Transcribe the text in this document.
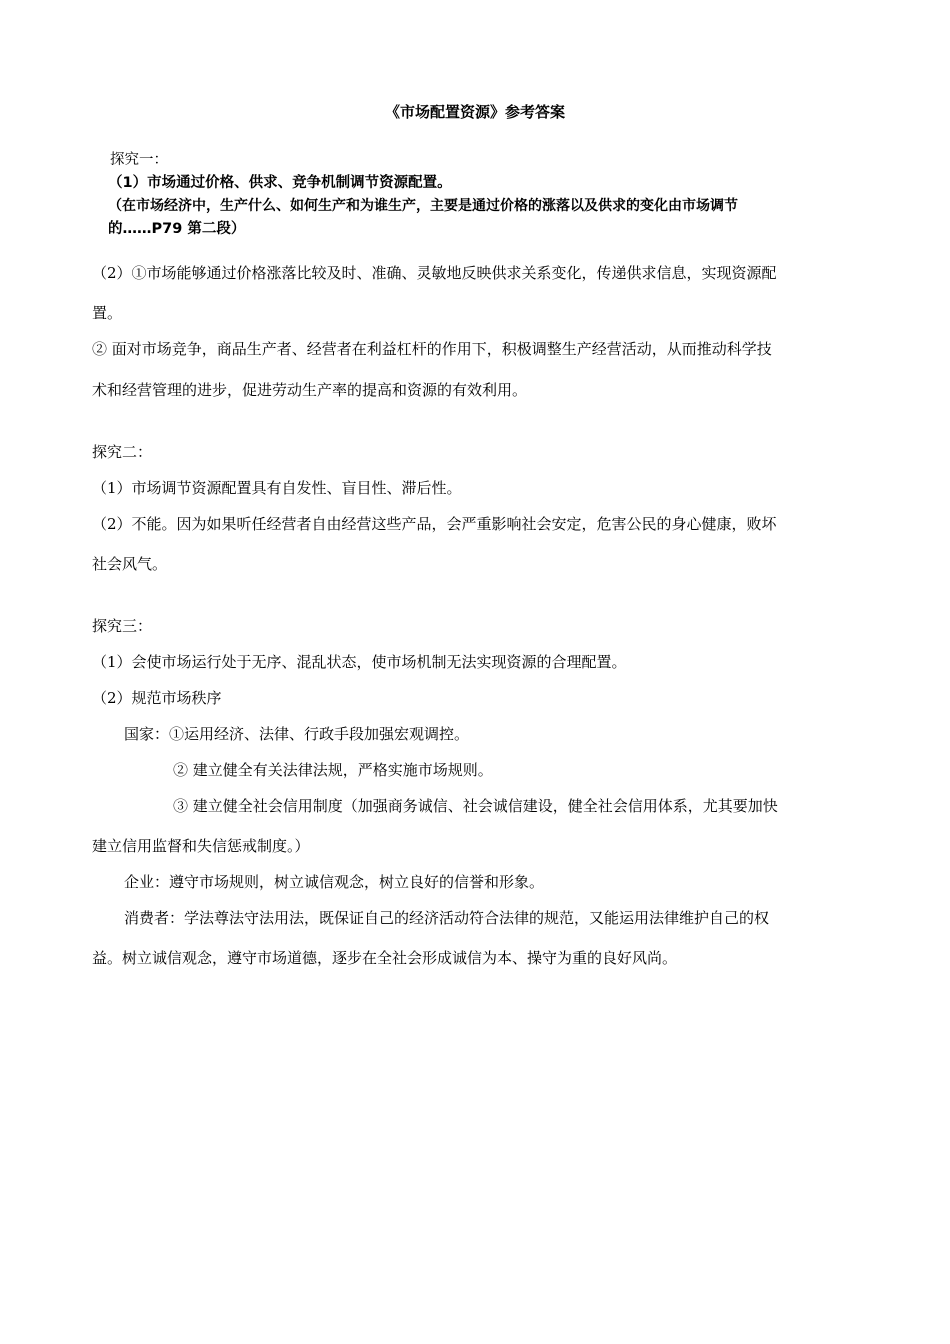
《市场配置资源》参考答案
探究一：
（1）市场通过价格、供求、竞争机制调节资源配置。
（在市场经济中，生产什么、如何生产和为谁生产，主要是通过价格的涨落以及供求的变化由市场调节
的……P79 第二段）
（2）①市场能够通过价格涨落比较及时、准确、灵敏地反映供求关系变化，传递供求信息，实现资源配
置。
② 面对市场竞争，商品生产者、经营者在利益杠杆的作用下，积极调整生产经营活动，从而推动科学技
术和经营管理的进步，促进劳动生产率的提高和资源的有效利用。
探究二：
（1）市场调节资源配置具有自发性、盲目性、滞后性。
（2）不能。因为如果听任经营者自由经营这些产品，会严重影响社会安定，危害公民的身心健康，败坏
社会风气。
探究三：
（1）会使市场运行处于无序、混乱状态，使市场机制无法实现资源的合理配置。
（2）规范市场秩序
国家：①运用经济、法律、行政手段加强宏观调控。
② 建立健全有关法律法规，严格实施市场规则。
③ 建立健全社会信用制度（加强商务诚信、社会诚信建设，健全社会信用体系，尤其要加快
建立信用监督和失信惩戒制度。）
企业：遵守市场规则，树立诚信观念，树立良好的信誉和形象。
消费者：学法尊法守法用法，既保证自己的经济活动符合法律的规范，又能运用法律维护自己的权
益。树立诚信观念，遵守市场道德，逐步在全社会形成诚信为本、操守为重的良好风尚。
